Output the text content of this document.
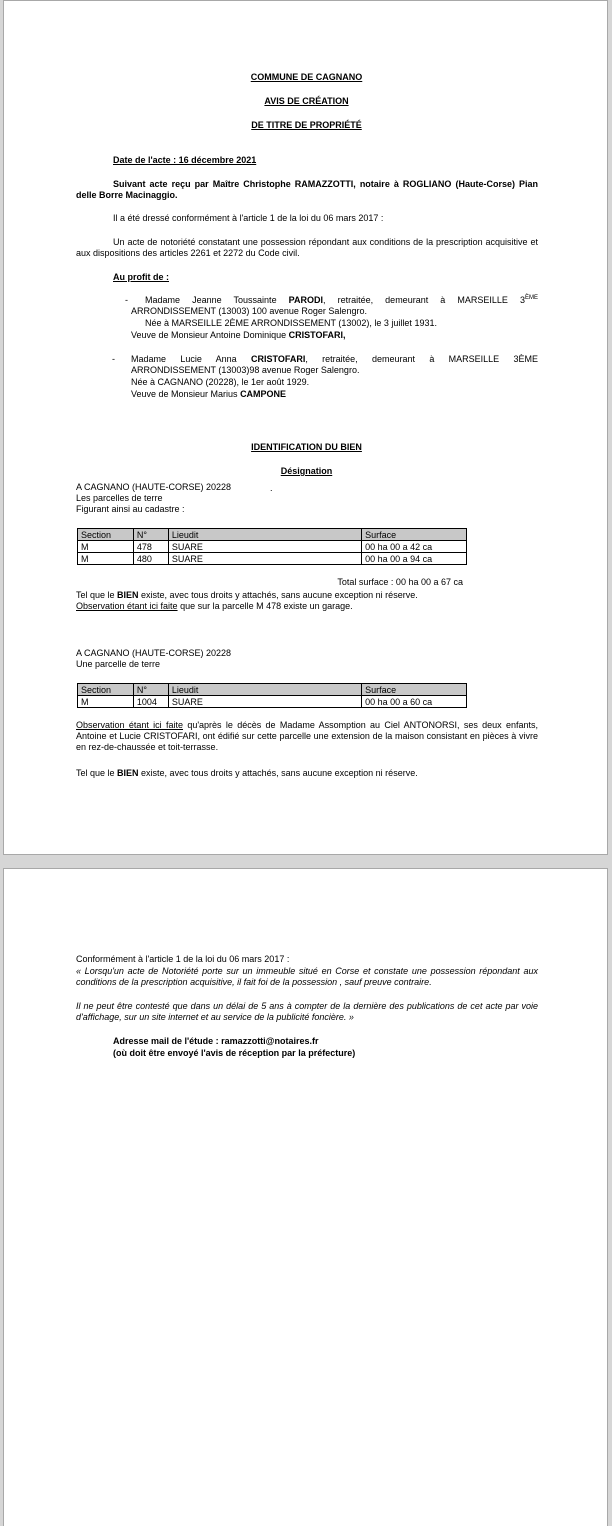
COMMUNE DE CAGNANO

AVIS DE CRÉATION

DE TITRE DE PROPRIÉTÉ

Date de l'acte : 16 décembre 2021

Suivant acte reçu par Maître Christophe RAMAZZOTTI, notaire à ROGLIANO (Haute-Corse) Pian delle Borre Macinaggio.

Il a été dressé conformément à l'article 1 de la loi du 06 mars 2017 :

Un acte de notoriété constatant une possession répondant aux conditions de la prescription acquisitive et aux dispositions des articles 2261 et 2272 du Code civil.

Au profit de :

- Madame Jeanne Toussainte PARODI, retraitée, demeurant à MARSEILLE 3ÈME

ARRONDISSEMENT (13003) 100 avenue Roger Salengro.

Née à MARSEILLE 2ÈME ARRONDISSEMENT (13002), le 3 juillet 1931.

Veuve de Monsieur Antoine Dominique CRISTOFARI,

- Madame Lucie Anna CRISTOFARI, retraitée, demeurant à MARSEILLE 3ÈME

ARRONDISSEMENT (13003)98 avenue Roger Salengro.

Née à CAGNANO (20228), le 1er août 1929.

Veuve de Monsieur Marius CAMPONE

IDENTIFICATION DU BIEN

Désignation

A CAGNANO (HAUTE-CORSE) 20228	.

Les parcelles de terre

Figurant ainsi au cadastre :

Section	N°	Lieudit	Surface
M	478	SUARE	00 ha 00 a 42 ca
M	480	SUARE	00 ha 00 a 94 ca

Total surface : 00 ha 00 a 67 ca

Tel que le BIEN existe, avec tous droits y attachés, sans aucune exception ni réserve.

Observation étant ici faite que sur la parcelle M 478 existe un garage.

A CAGNANO (HAUTE-CORSE) 20228

Une parcelle de terre

Section	N°	Lieudit	Surface
M	1004	SUARE	00 ha 00 a 60 ca

Observation étant ici faite qu'après le décès de Madame Assomption au Ciel ANTONORSI, ses deux enfants, Antoine et Lucie CRISTOFARI, ont édifié sur cette parcelle une extension de la maison consistant en pièces à vivre en rez-de-chaussée et toit-terrasse.

Tel que le BIEN existe, avec tous droits y attachés, sans aucune exception ni réserve.

Conformément à l'article 1 de la loi du 06 mars 2017 :

« Lorsqu'un acte de Notoriété porte sur un immeuble situé en Corse et constate une possession répondant aux conditions de la prescription acquisitive, il fait foi de la possession , sauf preuve contraire.

Il ne peut être contesté que dans un délai de 5 ans à compter de la dernière des publications de cet acte par voie d'affichage, sur un site internet et au service de la publicité foncière. »

Adresse mail de l'étude : ramazzotti@notaires.fr

(où doit être envoyé l'avis de réception par la préfecture)
